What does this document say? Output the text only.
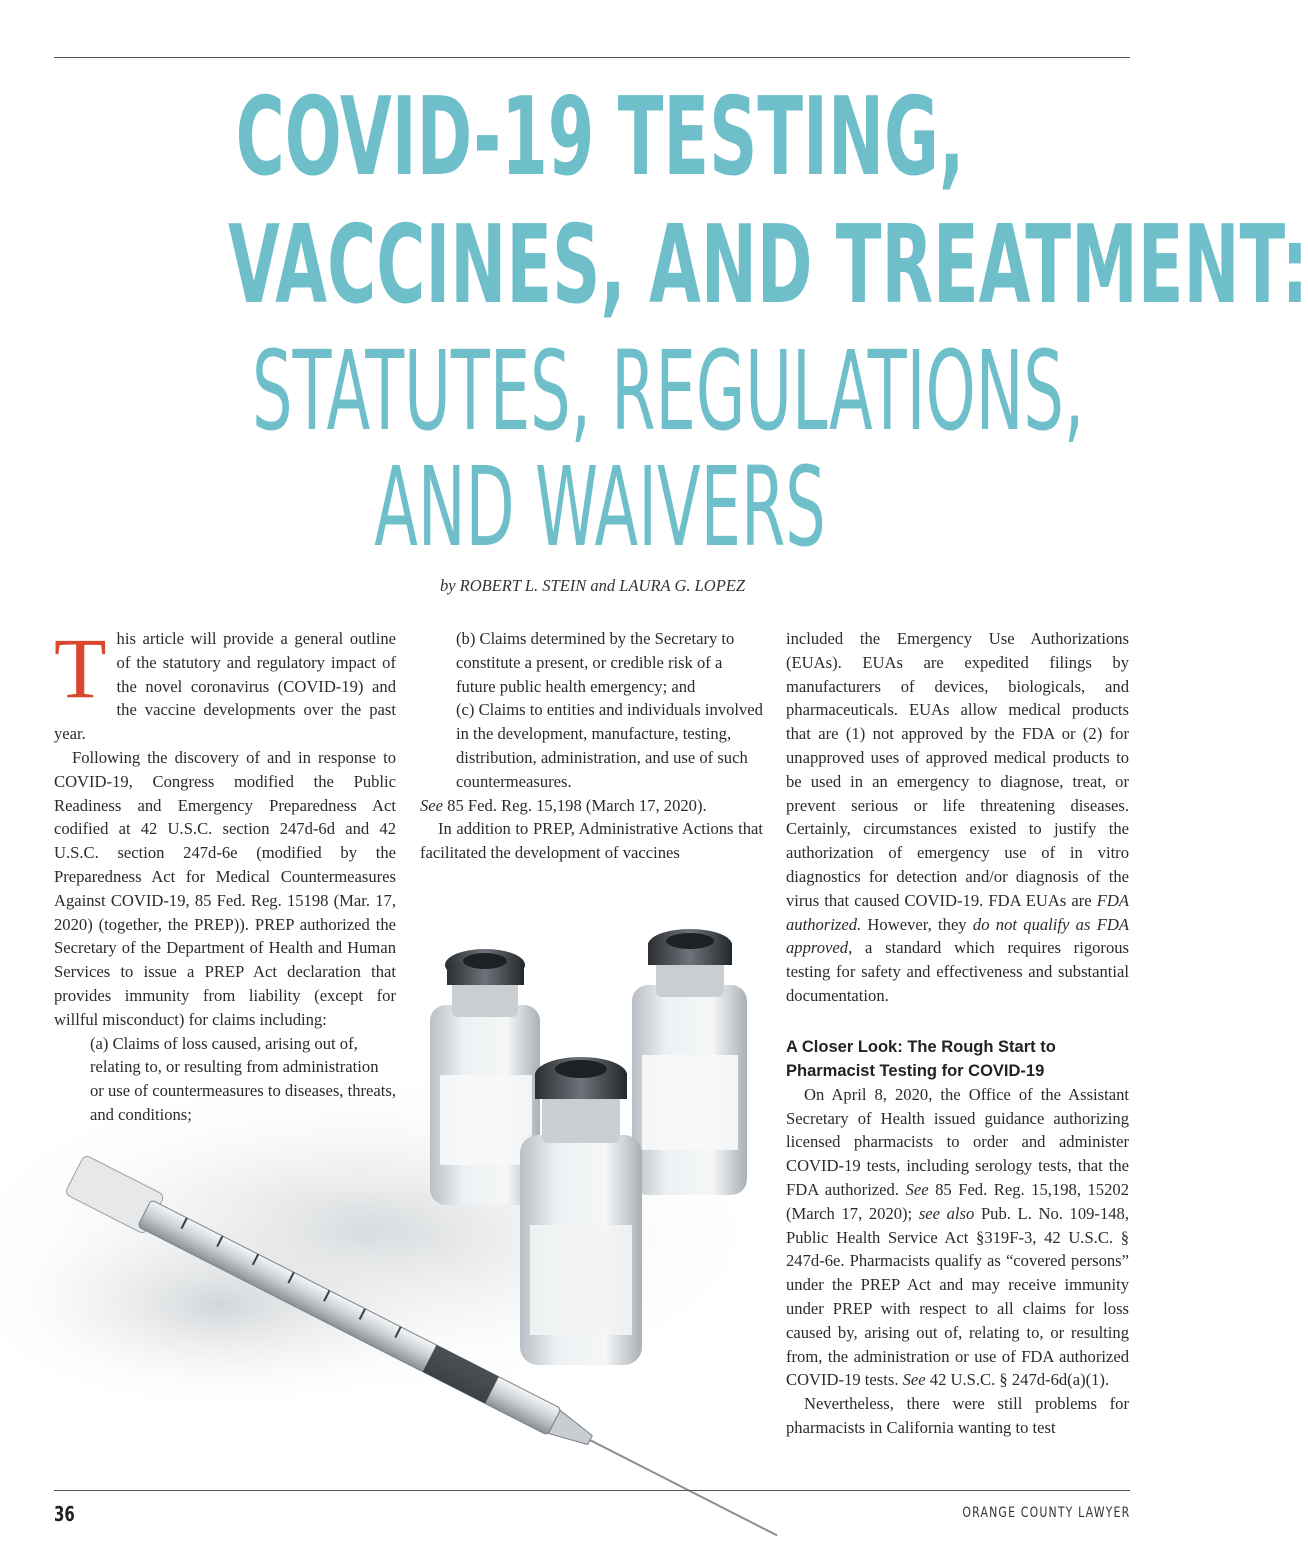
COVID-19 TESTING,
VACCINES, AND TREATMENT:
STATUTES, REGULATIONS,
AND WAIVERS
by ROBERT L. STEIN and LAURA G. LOPEZ

This article will provide a general outline of the statutory and regulatory impact of the novel coronavirus (COVID-19) and the vaccine developments over the past year.

Following the discovery of and in response to COVID-19, Congress modified the Public Readiness and Emergency Preparedness Act codified at 42 U.S.C. section 247d-6d and 42 U.S.C. section 247d-6e (modified by the Preparedness Act for Medical Countermeasures Against COVID-19, 85 Fed. Reg. 15198 (Mar. 17, 2020) (together, the PREP)). PREP authorized the Secretary of the Department of Health and Human Services to issue a PREP Act declaration that provides immunity from liability (except for willful misconduct) for claims including:

(a) Claims of loss caused, arising out of, relating to, or resulting from administration or use of countermeasures to diseases, threats, and conditions;

(b) Claims determined by the Secretary to constitute a present, or credible risk of a future public health emergency; and

(c) Claims to entities and individuals involved in the development, manufacture, testing, distribution, administration, and use of such countermeasures.

See 85 Fed. Reg. 15,198 (March 17, 2020).

In addition to PREP, Administrative Actions that facilitated the development of vaccines

included the Emergency Use Authorizations (EUAs). EUAs are expedited filings by manufacturers of devices, biologicals, and pharmaceuticals. EUAs allow medical products that are (1) not approved by the FDA or (2) for unapproved uses of approved medical products to be used in an emergency to diagnose, treat, or prevent serious or life threatening diseases. Certainly, circumstances existed to justify the authorization of emergency use of in vitro diagnostics for detection and/or diagnosis of the virus that caused COVID-19. FDA EUAs are FDA authorized. However, they do not qualify as FDA approved, a standard which requires rigorous testing for safety and effectiveness and substantial documentation.

A Closer Look: The Rough Start to Pharmacist Testing for COVID-19

On April 8, 2020, the Office of the Assistant Secretary of Health issued guidance authorizing licensed pharmacists to order and administer COVID-19 tests, including serology tests, that the FDA authorized. See 85 Fed. Reg. 15,198, 15202 (March 17, 2020); see also Pub. L. No. 109-148, Public Health Service Act §319F-3, 42 U.S.C. § 247d-6e. Pharmacists qualify as “covered persons” under the PREP Act and may receive immunity under PREP with respect to all claims for loss caused by, arising out of, relating to, or resulting from, the administration or use of FDA authorized COVID-19 tests. See 42 U.S.C. § 247d-6d(a)(1).

Nevertheless, there were still problems for pharmacists in California wanting to test

36	ORANGE COUNTY LAWYER
